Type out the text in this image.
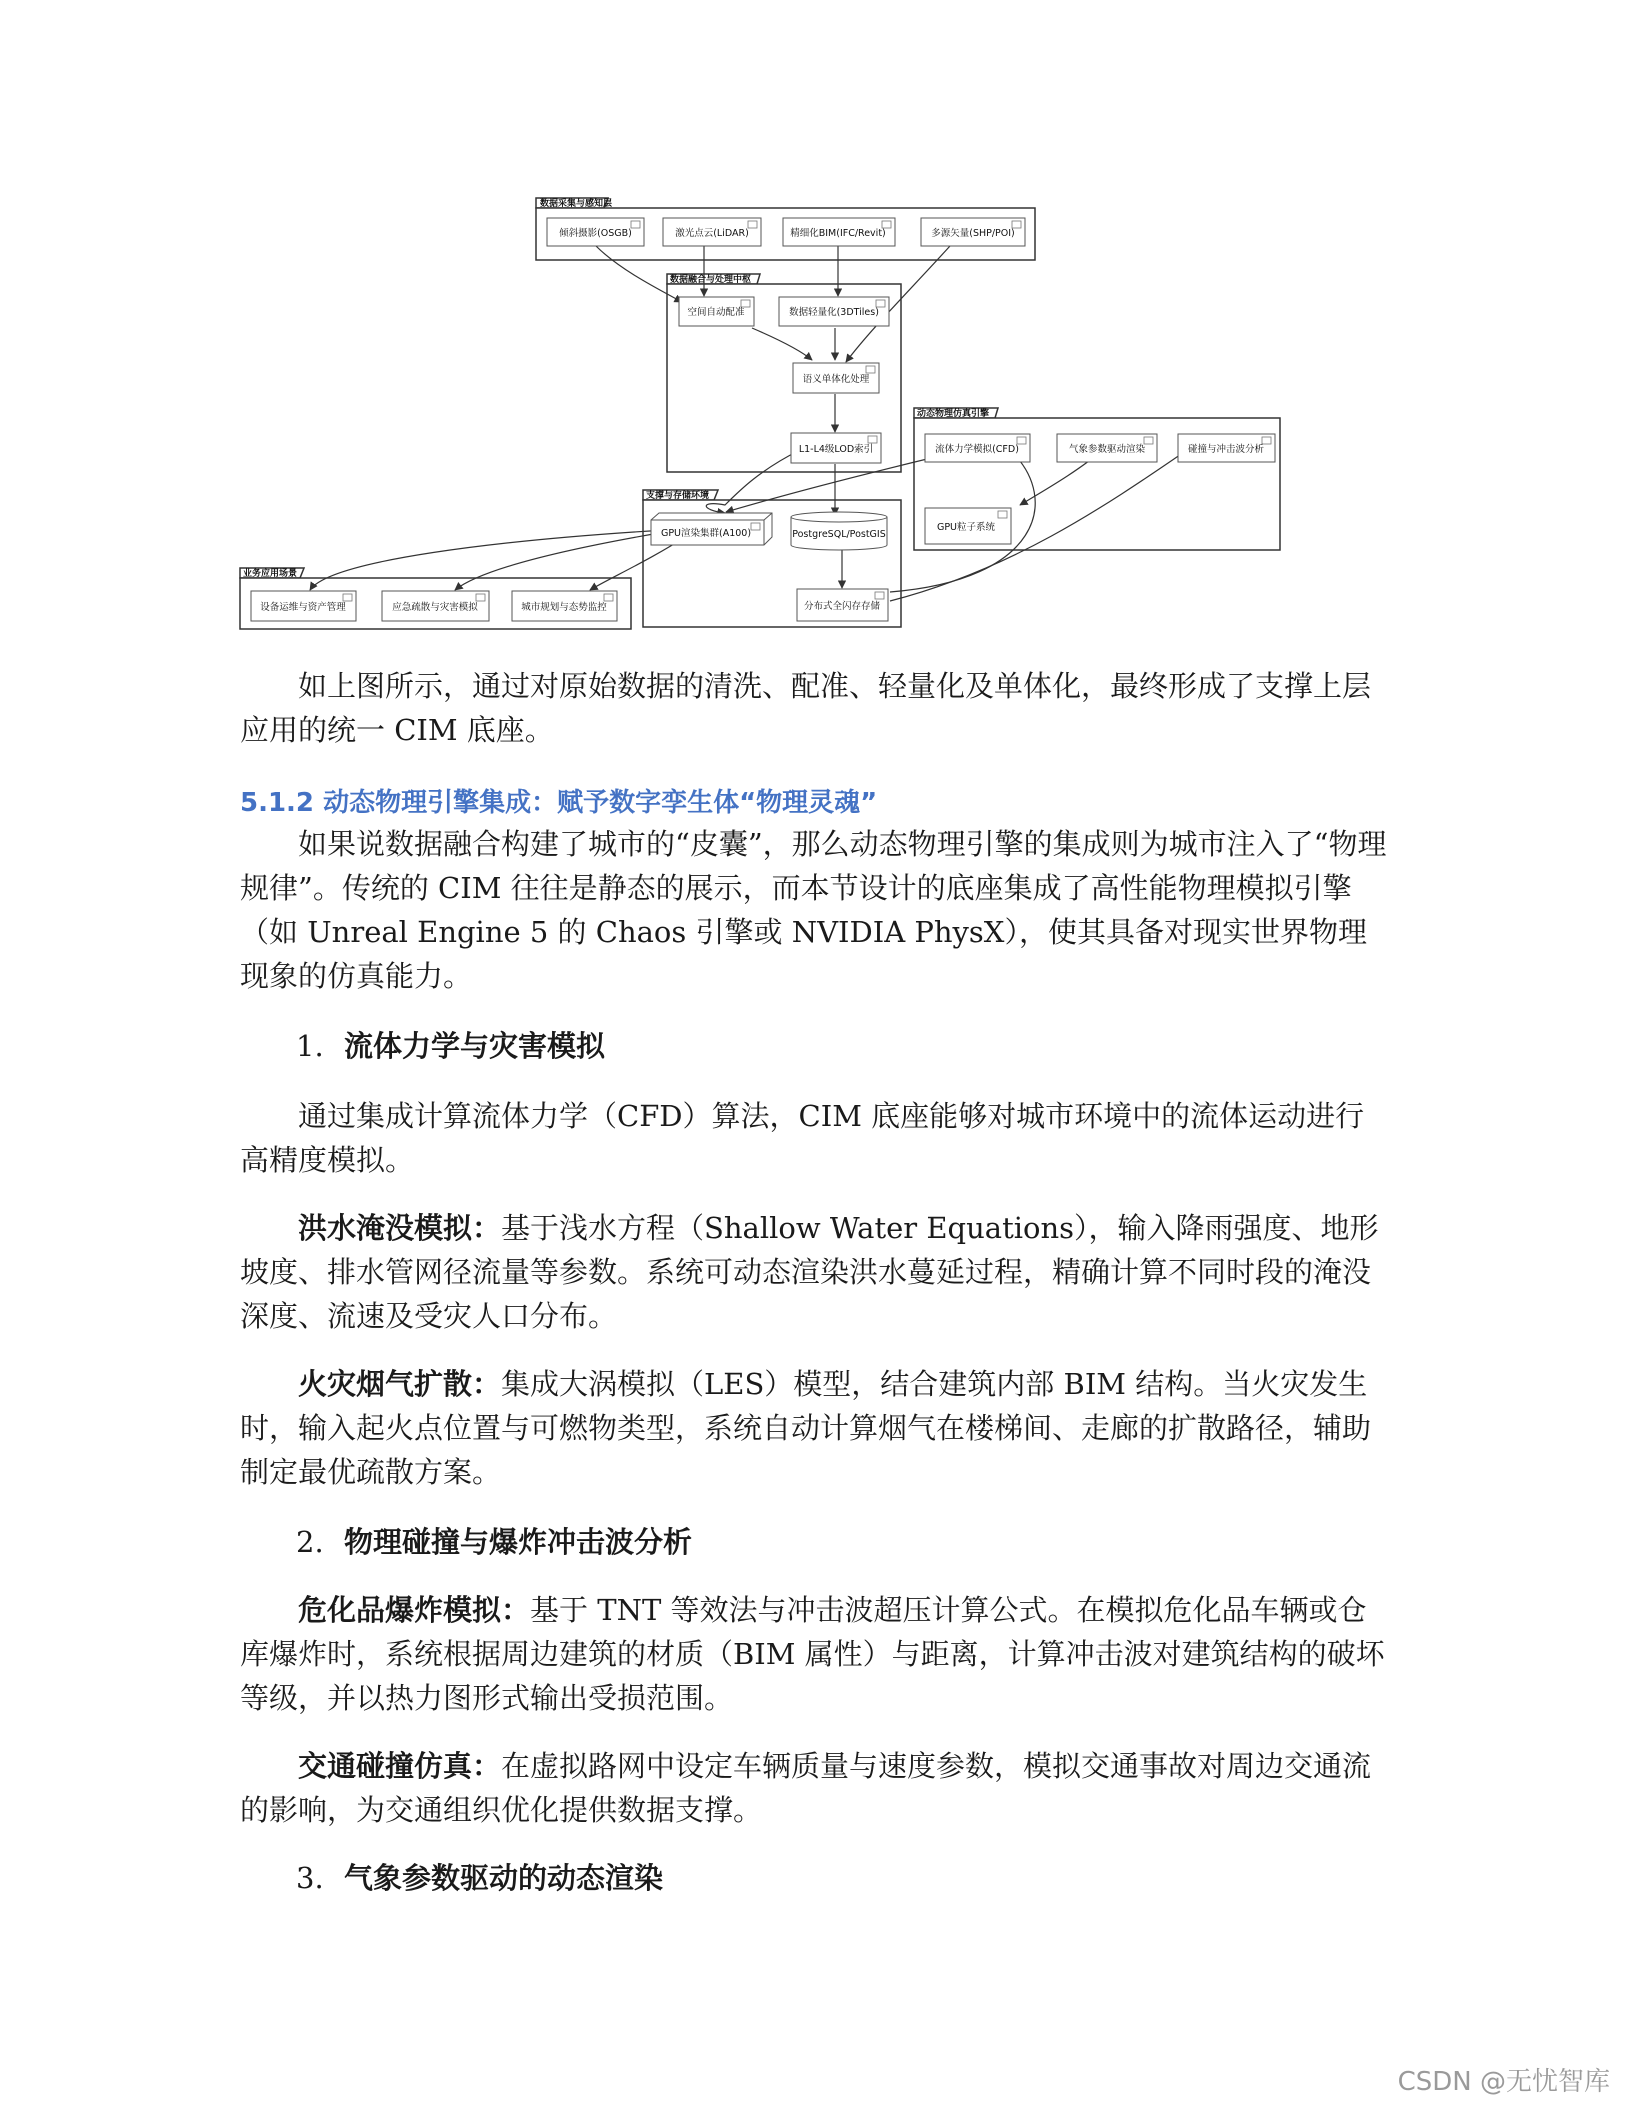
数据采集与感知层
数据融合与处理中枢
动态物理仿真引擎
支撑与存储环境
业务应用场景
倾斜摄影(OSGB)	激光点云(LiDAR)	精细化BIM(IFC/Revit)	多源矢量(SHP/POI)
空间自动配准	数据轻量化(3DTiles)
语义单体化处理
L1-L4级LOD索引	流体力学模拟(CFD)	气象参数驱动渲染	碰撞与冲击波分析
GPU粒子系统
GPU渲染集群(A100)	PostgreSQL/PostGIS
分布式全闪存存储
设备运维与资产管理	应急疏散与灾害模拟	城市规划与态势监控

如上图所示，通过对原始数据的清洗、配准、轻量化及单体化，最终形成了支撑上层应用的统一 CIM 底座。

5.1.2 动态物理引擎集成：赋予数字孪生体“物理灵魂”

如果说数据融合构建了城市的“皮囊”，那么动态物理引擎的集成则为城市注入了“物理规律”。传统的 CIM 往往是静态的展示，而本节设计的底座集成了高性能物理模拟引擎（如 Unreal Engine 5 的 Chaos 引擎或 NVIDIA PhysX），使其具备对现实世界物理现象的仿真能力。

1. 流体力学与灾害模拟

通过集成计算流体力学（CFD）算法，CIM 底座能够对城市环境中的流体运动进行高精度模拟。

洪水淹没模拟：基于浅水方程（Shallow Water Equations），输入降雨强度、地形坡度、排水管网径流量等参数。系统可动态渲染洪水蔓延过程，精确计算不同时段的淹没深度、流速及受灾人口分布。

火灾烟气扩散：集成大涡模拟（LES）模型，结合建筑内部 BIM 结构。当火灾发生时，输入起火点位置与可燃物类型，系统自动计算烟气在楼梯间、走廊的扩散路径，辅助制定最优疏散方案。

2. 物理碰撞与爆炸冲击波分析

危化品爆炸模拟：基于 TNT 等效法与冲击波超压计算公式。在模拟危化品车辆或仓库爆炸时，系统根据周边建筑的材质（BIM 属性）与距离，计算冲击波对建筑结构的破坏等级，并以热力图形式输出受损范围。

交通碰撞仿真：在虚拟路网中设定车辆质量与速度参数，模拟交通事故对周边交通流的影响，为交通组织优化提供数据支撑。

3. 气象参数驱动的动态渲染
CSDN @无忧智库
